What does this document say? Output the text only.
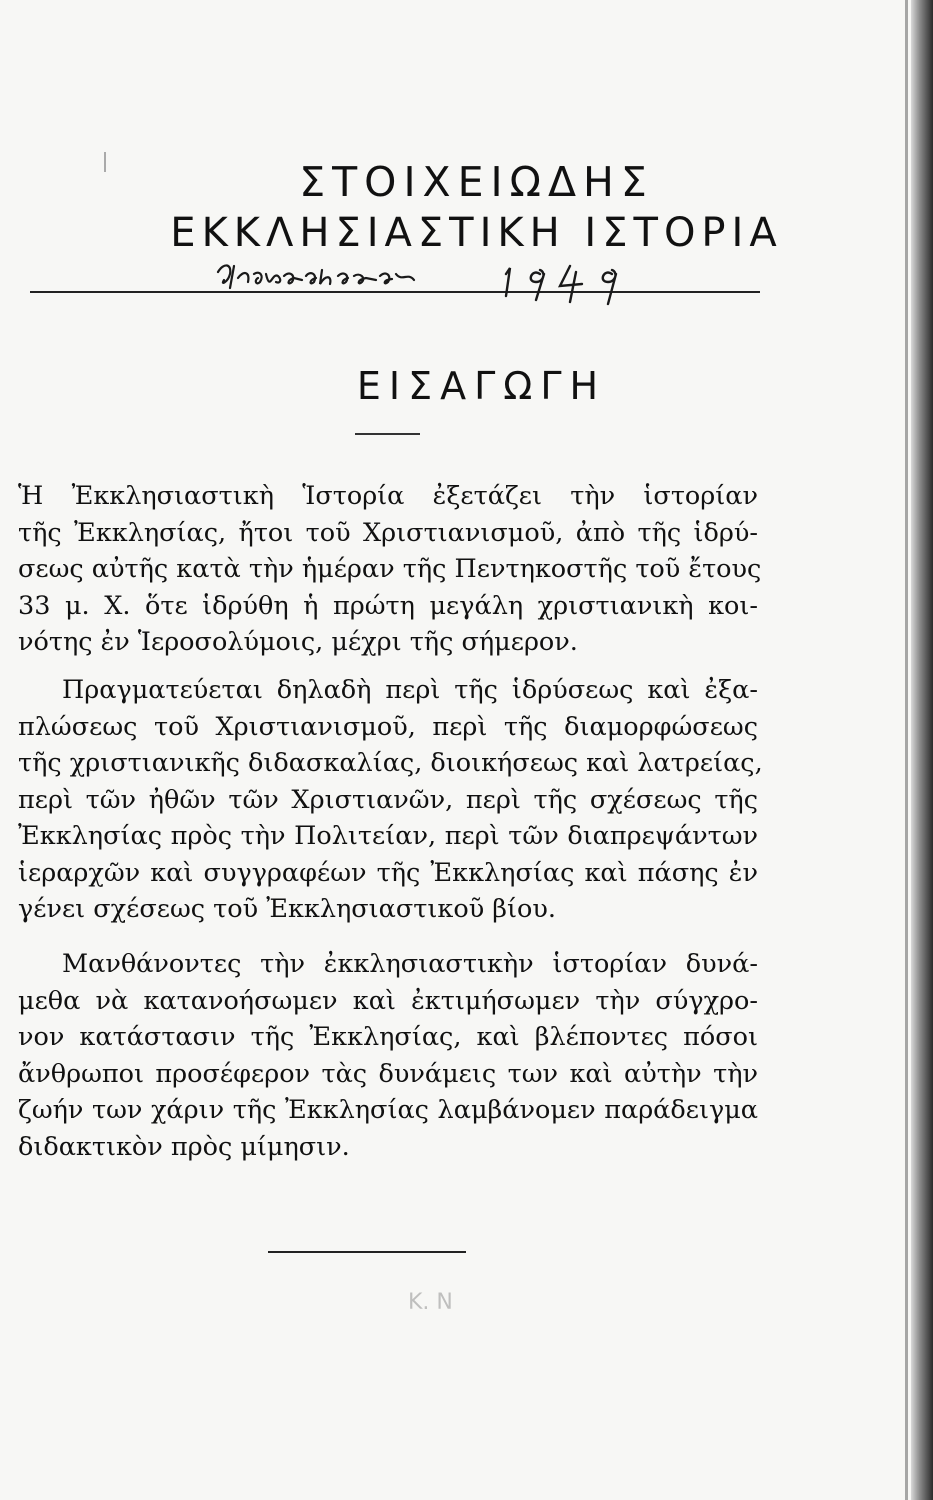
ΣΤΟΙΧΕΙΩΔΗΣ
ΕΚΚΛΗΣΙΑΣΤΙΚΗ ΙΣΤΟΡΙΑ
ΕΙΣΑΓΩΓΗ
Ἡ Ἐκκλησιαστικὴ Ἱστορία ἐξετάζει τὴν ἱστορίαν
τῆς Ἐκκλησίας, ἤτοι τοῦ Χριστιανισμοῦ, ἀπὸ τῆς ἱδρύ-
σεως αὐτῆς κατὰ τὴν ἡμέραν τῆς Πεντηκοστῆς τοῦ ἔτους
33 μ. Χ. ὅτε ἱδρύθη ἡ πρώτη μεγάλη χριστιανικὴ κοι-
νότης ἐν Ἱεροσολύμοις, μέχρι τῆς σήμερον.
Πραγματεύεται δηλαδὴ περὶ τῆς ἱδρύσεως καὶ ἐξα-
πλώσεως τοῦ Χριστιανισμοῦ, περὶ τῆς διαμορφώσεως
τῆς χριστιανικῆς διδασκαλίας, διοικήσεως καὶ λατρείας,
περὶ τῶν ἠθῶν τῶν Χριστιανῶν, περὶ τῆς σχέσεως τῆς
Ἐκκλησίας πρὸς τὴν Πολιτείαν, περὶ τῶν διαπρεψάντων
ἱεραρχῶν καὶ συγγραφέων τῆς Ἐκκλησίας καὶ πάσης ἐν
γένει σχέσεως τοῦ Ἐκκλησιαστικοῦ βίου.
Μανθάνοντες τὴν ἐκκλησιαστικὴν ἱστορίαν δυνά-
μεθα νὰ κατανοήσωμεν καὶ ἐκτιμήσωμεν τὴν σύγχρο-
νον κατάστασιν τῆς Ἐκκλησίας, καὶ βλέποντες πόσοι
ἄνθρωποι προσέφερον τὰς δυνάμεις των καὶ αὐτὴν τὴν
ζωήν των χάριν τῆς Ἐκκλησίας λαμβάνομεν παράδειγμα
διδακτικὸν πρὸς μίμησιν.
Κ. Ν
